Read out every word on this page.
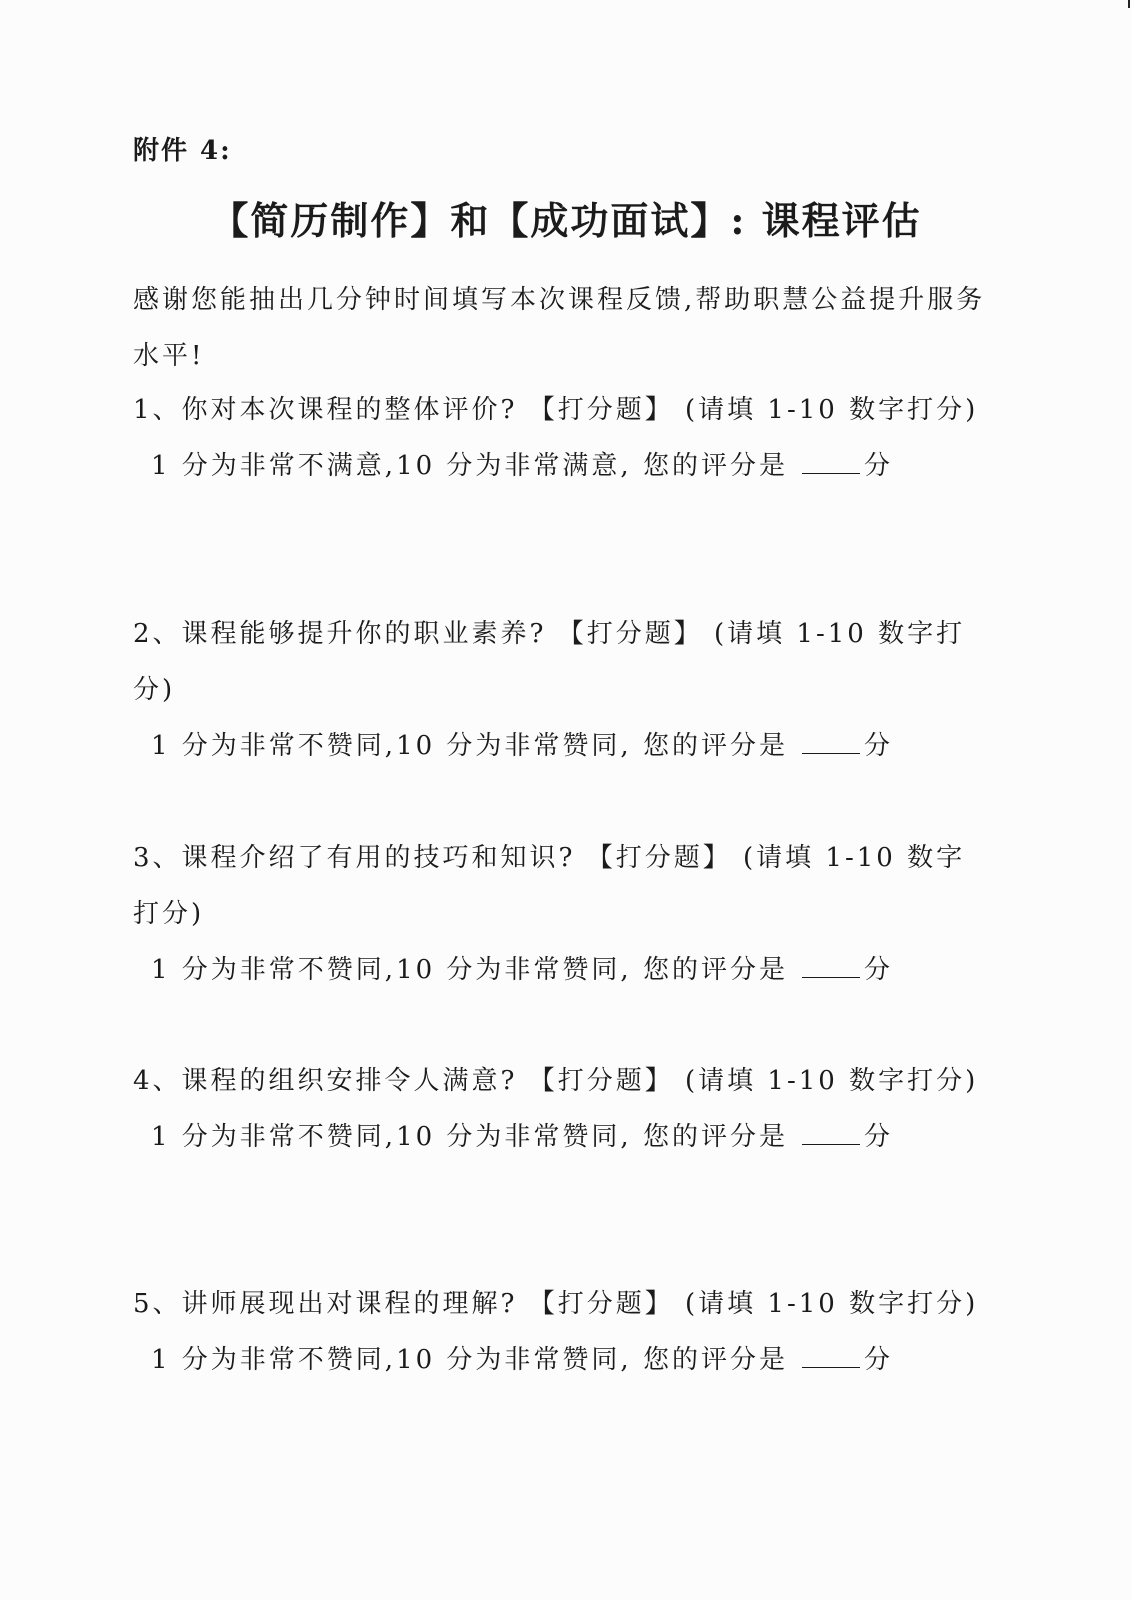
附件 4:
【简历制作】和【成功面试】: 课程评估
感谢您能抽出几分钟时间填写本次课程反馈,帮助职慧公益提升服务水平!
1、你对本次课程的整体评价? 【打分题】 (请填 1-10 数字打分)
1 分为非常不满意,10 分为非常满意, 您的评分是	分
2、课程能够提升你的职业素养? 【打分题】 (请填 1-10 数字打分)
1 分为非常不赞同,10 分为非常赞同, 您的评分是	分
3、课程介绍了有用的技巧和知识? 【打分题】 (请填 1-10 数字打分)
1 分为非常不赞同,10 分为非常赞同, 您的评分是	分
4、课程的组织安排令人满意? 【打分题】 (请填 1-10 数字打分)
1 分为非常不赞同,10 分为非常赞同, 您的评分是	分
5、讲师展现出对课程的理解? 【打分题】 (请填 1-10 数字打分)
1 分为非常不赞同,10 分为非常赞同, 您的评分是	分
